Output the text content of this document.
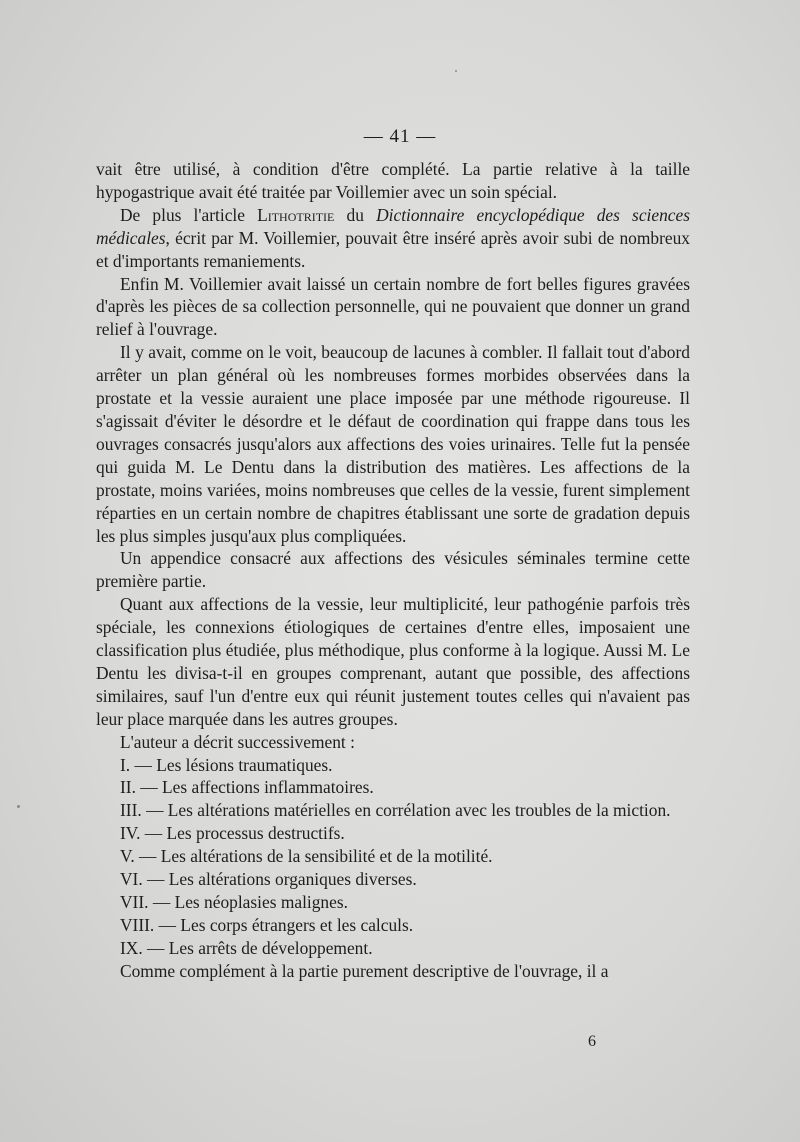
— 41 —

vait être utilisé, à condition d'être complété. La partie relative à la taille hypogastrique avait été traitée par Voillemier avec un soin spécial.

De plus l'article Lithotritie du Dictionnaire encyclopédique des sciences médicales, écrit par M. Voillemier, pouvait être inséré après avoir subi de nombreux et d'importants remaniements.

Enfin M. Voillemier avait laissé un certain nombre de fort belles figures gravées d'après les pièces de sa collection personnelle, qui ne pouvaient que donner un grand relief à l'ouvrage.

Il y avait, comme on le voit, beaucoup de lacunes à combler. Il fallait tout d'abord arrêter un plan général où les nombreuses formes morbides observées dans la prostate et la vessie auraient une place imposée par une méthode rigoureuse. Il s'agissait d'éviter le désordre et le défaut de coordination qui frappe dans tous les ouvrages consacrés jusqu'alors aux affections des voies urinaires. Telle fut la pensée qui guida M. Le Dentu dans la distribution des matières. Les affections de la prostate, moins variées, moins nombreuses que celles de la vessie, furent simplement réparties en un certain nombre de chapitres établissant une sorte de gradation depuis les plus simples jusqu'aux plus compliquées.

Un appendice consacré aux affections des vésicules séminales termine cette première partie.

Quant aux affections de la vessie, leur multiplicité, leur pathogénie parfois très spéciale, les connexions étiologiques de certaines d'entre elles, imposaient une classification plus étudiée, plus méthodique, plus conforme à la logique. Aussi M. Le Dentu les divisa-t-il en groupes comprenant, autant que possible, des affections similaires, sauf l'un d'entre eux qui réunit justement toutes celles qui n'avaient pas leur place marquée dans les autres groupes.

L'auteur a décrit successivement :

I. — Les lésions traumatiques.

II. — Les affections inflammatoires.

III. — Les altérations matérielles en corrélation avec les troubles de la miction.

IV. — Les processus destructifs.

V. — Les altérations de la sensibilité et de la motilité.

VI. — Les altérations organiques diverses.

VII. — Les néoplasies malignes.

VIII. — Les corps étrangers et les calculs.

IX. — Les arrêts de développement.

Comme complément à la partie purement descriptive de l'ouvrage, il a

6
